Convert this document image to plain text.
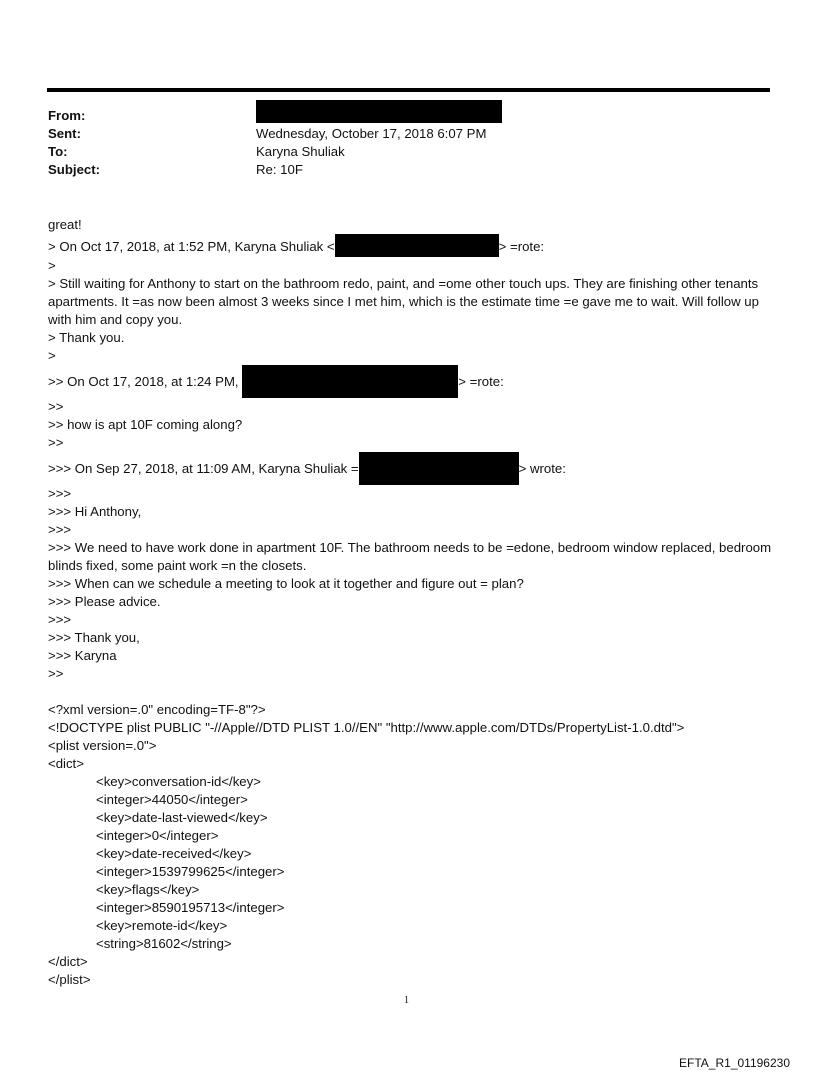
From:
Sent:	Wednesday, October 17, 2018 6:07 PM
To:	Karyna Shuliak
Subject:	Re: 10F
great!
> On Oct 17, 2018, at 1:52 PM, Karyna Shuliak <	> =rote:
>
> Still waiting for Anthony to start on the bathroom redo, paint, and =ome other touch ups. They are finishing other tenants apartments. It =as now been almost 3 weeks since I met him, which is the estimate time =e gave me to wait. Will follow up with him and copy you.
> Thank you.
>
>> On Oct 17, 2018, at 1:24 PM,	> =rote:
>>
>> how is apt 10F coming along?
>>
>>> On Sep 27, 2018, at 11:09 AM, Karyna Shuliak =	> wrote:
>>>
>>> Hi Anthony,
>>>
>>> We need to have work done in apartment 10F. The bathroom needs to be =edone, bedroom window replaced, bedroom blinds fixed, some paint work =n the closets.
>>> When can we schedule a meeting to look at it together and figure out = plan?
>>> Please advice.
>>>
>>> Thank you,
>>> Karyna
>>
<?xml version=.0" encoding=TF-8"?>
<!DOCTYPE plist PUBLIC "-//Apple//DTD PLIST 1.0//EN" "http://www.apple.com/DTDs/PropertyList-1.0.dtd">
<plist version=.0">
<dict>
<key>conversation-id</key>
<integer>44050</integer>
<key>date-last-viewed</key>
<integer>0</integer>
<key>date-received</key>
<integer>1539799625</integer>
<key>flags</key>
<integer>8590195713</integer>
<key>remote-id</key>
<string>81602</string>
</dict>
</plist>
1
EFTA_R1_01196230
